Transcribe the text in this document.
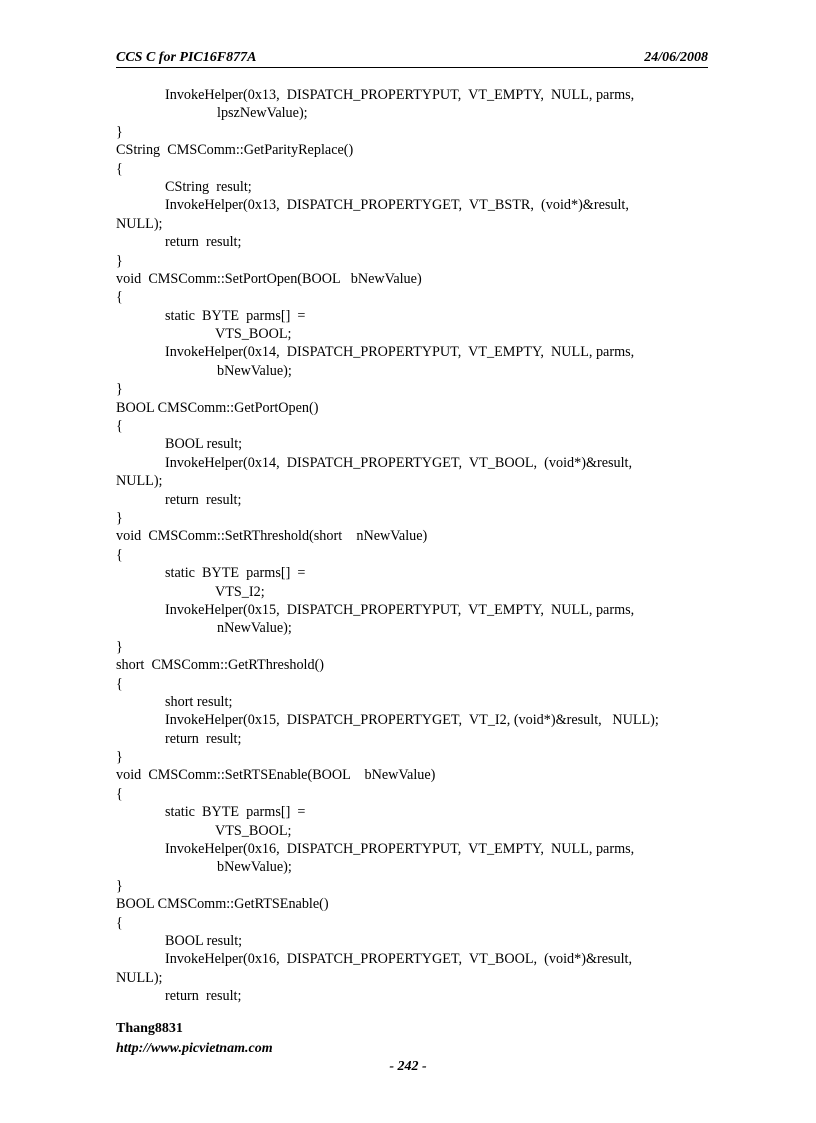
CCS C for PIC16F877A	24/06/2008
InvokeHelper(0x13,  DISPATCH_PROPERTYPUT,  VT_EMPTY,  NULL, parms,
lpszNewValue);
}
CString  CMSComm::GetParityReplace()
{
CString  result;
InvokeHelper(0x13,  DISPATCH_PROPERTYGET,  VT_BSTR,  (void*)&result,
NULL);
return  result;
}
void  CMSComm::SetPortOpen(BOOL   bNewValue)
{
static  BYTE  parms[]  =
VTS_BOOL;
InvokeHelper(0x14,  DISPATCH_PROPERTYPUT,  VT_EMPTY,  NULL, parms,
bNewValue);
}
BOOL CMSComm::GetPortOpen()
{
BOOL result;
InvokeHelper(0x14,  DISPATCH_PROPERTYGET,  VT_BOOL,  (void*)&result,
NULL);
return  result;
}
void  CMSComm::SetRThreshold(short    nNewValue)
{
static  BYTE  parms[]  =
VTS_I2;
InvokeHelper(0x15,  DISPATCH_PROPERTYPUT,  VT_EMPTY,  NULL, parms,
nNewValue);
}
short  CMSComm::GetRThreshold()
{
short result;
InvokeHelper(0x15,  DISPATCH_PROPERTYGET,  VT_I2, (void*)&result,   NULL);
return  result;
}
void  CMSComm::SetRTSEnable(BOOL    bNewValue)
{
static  BYTE  parms[]  =
VTS_BOOL;
InvokeHelper(0x16,  DISPATCH_PROPERTYPUT,  VT_EMPTY,  NULL, parms,
bNewValue);
}
BOOL CMSComm::GetRTSEnable()
{
BOOL result;
InvokeHelper(0x16,  DISPATCH_PROPERTYGET,  VT_BOOL,  (void*)&result,
NULL);
return  result;
Thang8831
http://www.picvietnam.com
- 242 -
